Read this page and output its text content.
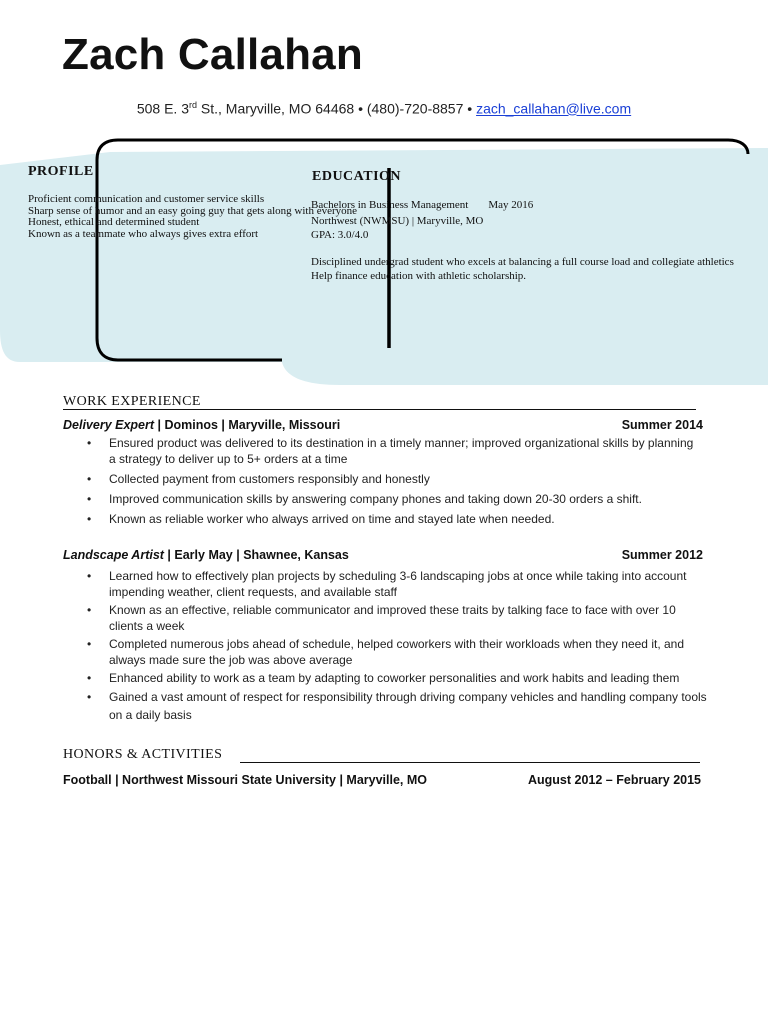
Zach Callahan
508 E. 3rd St., Maryville, MO 64468 • (480)-720-8857 • zach_callahan@live.com
PROFILE
Proficient communication and customer service skills
Sharp sense of humor and an easy going guy that gets along with everyone
Honest, ethical and determined student
Known as a teammate who always gives extra effort
EDUCATION
Bachelors in Business Management May 2016
Northwest (NWMSU) | Maryville, MO
GPA: 3.0/4.0
Disciplined undergrad student who excels at balancing a full course load and collegiate athletics
Help finance education with athletic scholarship.
WORK EXPERIENCE
Delivery Expert | Dominos | Maryville, Missouri	Summer 2014
• Ensured product was delivered to its destination in a timely manner; improved organizational skills by planning a strategy to deliver up to 5+ orders at a time
• Collected payment from customers responsibly and honestly
• Improved communication skills by answering company phones and taking down 20-30 orders a shift.
• Known as reliable worker who always arrived on time and stayed late when needed.
Landscape Artist | Early May | Shawnee, Kansas	Summer 2012
• Learned how to effectively plan projects by scheduling 3-6 landscaping jobs at once while taking into account impending weather, client requests, and available staff
• Known as an effective, reliable communicator and improved these traits by talking face to face with over 10 clients a week
• Completed numerous jobs ahead of schedule, helped coworkers with their workloads when they need it, and always made sure the job was above average
• Enhanced ability to work as a team by adapting to coworker personalities and work habits and leading them
• Gained a vast amount of respect for responsibility through driving company vehicles and handling company tools on a daily basis
HONORS & ACTIVITIES
Football | Northwest Missouri State University | Maryville, MO	August 2012 – February 2015
